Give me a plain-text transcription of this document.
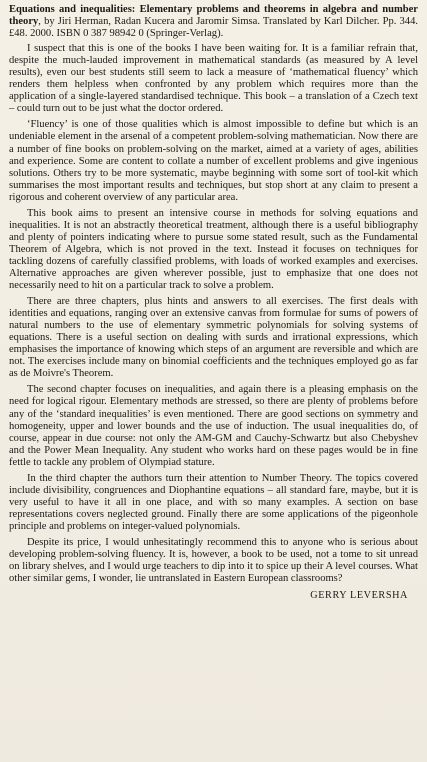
Equations and inequalities: Elementary problems and theorems in algebra and number theory, by Jiri Herman, Radan Kucera and Jaromir Simsa. Translated by Karl Dilcher. Pp. 344. £48. 2000. ISBN 0 387 98942 0 (Springer-Verlag).

I suspect that this is one of the books I have been waiting for. It is a familiar refrain that, despite the much-lauded improvement in mathematical standards (as measured by A level results), even our best students still seem to lack a measure of ‘mathematical fluency’ which renders them helpless when confronted by any problem which requires more than the application of a single-layered standardised technique. This book – a translation of a Czech text – could turn out to be just what the doctor ordered.

‘Fluency’ is one of those qualities which is almost impossible to define but which is an undeniable element in the arsenal of a competent problem-solving mathematician. Now there are a number of fine books on problem-solving on the market, aimed at a variety of ages, abilities and experience. Some are content to collate a number of excellent problems and give ingenious solutions. Others try to be more systematic, maybe beginning with some sort of tool-kit which summarises the most important results and techniques, but stop short at any claim to present a rigorous and coherent overview of any particular area.

This book aims to present an intensive course in methods for solving equations and inequalities. It is not an abstractly theoretical treatment, although there is a useful bibliography and plenty of pointers indicating where to pursue some stated result, such as the Fundamental Theorem of Algebra, which is not proved in the text. Instead it focuses on techniques for tackling dozens of carefully classified problems, with loads of worked examples and exercises. Alternative approaches are given wherever possible, just to emphasize that one does not necessarily need to hit on a particular track to solve a problem.

There are three chapters, plus hints and answers to all exercises. The first deals with identities and equations, ranging over an extensive canvas from formulae for sums of powers of natural numbers to the use of elementary symmetric polynomials for solving systems of equations. There is a useful section on dealing with surds and irrational expressions, which emphasises the importance of knowing which steps of an argument are reversible and which are not. The exercises include many on binomial coefficients and the techniques employed go as far as de Moivre's Theorem.

The second chapter focuses on inequalities, and again there is a pleasing emphasis on the need for logical rigour. Elementary methods are stressed, so there are plenty of problems before any of the ‘standard inequalities’ is even mentioned. There are good sections on symmetry and homogeneity, upper and lower bounds and the use of induction. The usual inequalities do, of course, appear in due course: not only the AM-GM and Cauchy-Schwartz but also Chebyshev and the Power Mean Inequality. Any student who works hard on these pages would be in fine fettle to tackle any problem of Olympiad stature.

In the third chapter the authors turn their attention to Number Theory. The topics covered include divisibility, congruences and Diophantine equations – all standard fare, maybe, but it is very useful to have it all in one place, and with so many examples. A section on base representations covers neglected ground. Finally there are some applications of the pigeonhole principle and problems on integer-valued polynomials.

Despite its price, I would unhesitatingly recommend this to anyone who is serious about developing problem-solving fluency. It is, however, a book to be used, not a tome to sit unread on library shelves, and I would urge teachers to dip into it to spice up their A level courses. What other similar gems, I wonder, lie untranslated in Eastern European classrooms?

GERRY LEVERSHA
